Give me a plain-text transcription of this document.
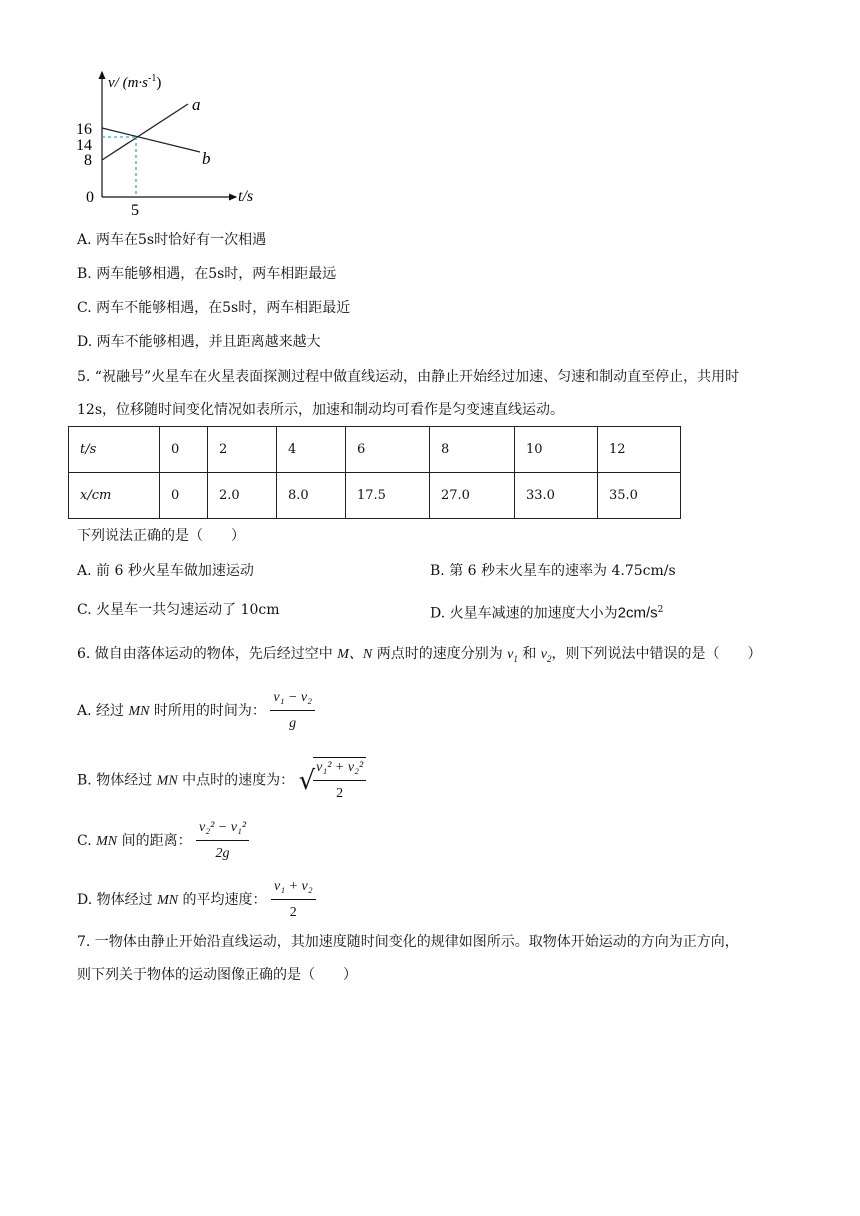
v/ $(m\cdot s^{-1})$
16
14
8
0
5
t/s
a
b
A. 两车在5s时恰好有一次相遇
B. 两车能够相遇，在5s时，两车相距最远
C. 两车不能够相遇，在5s时，两车相距最近
D. 两车不能够相遇，并且距离越来越大
5. “祝融号”火星车在火星表面探测过程中做直线运动，由静止开始经过加速、匀速和制动直至停止，共用时
12s，位移随时间变化情况如表所示，加速和制动均可看作是匀变速直线运动。
t/s	0	2	4	6	8	10	12
x/cm	0	2.0	8.0	17.5	27.0	33.0	35.0
下列说法正确的是（　　）
A. 前 6 秒火星车做加速运动	B. 第 6 秒末火星车的速率为 4.75cm/s
C. 火星车一共匀速运动了 10cm	D. 火星车减速的加速度大小为$2cm/s^2$
6. 做自由落体运动的物体，先后经过空中 M、N 两点时的速度分别为 $v_1$ 和 $v_2$，则下列说法中错误的是（　　）
A. 经过 MN 时所用的时间为： $\frac{\text{v₁ − v₂}}{g}$
B. 物体经过 MN 中点时的速度为： √
$\frac{\text{v₁² + v₂²}}{2}$
C. MN 间的距离： $\frac{\text{v₂² − v₁²}}{2g}$
D. 物体经过 MN 的平均速度： $\frac{\text{v₁ + v₂}}{2}$
7. 一物体由静止开始沿直线运动，其加速度随时间变化的规律如图所示。取物体开始运动的方向为正方向，
则下列关于物体的运动图像正确的是（　　）
